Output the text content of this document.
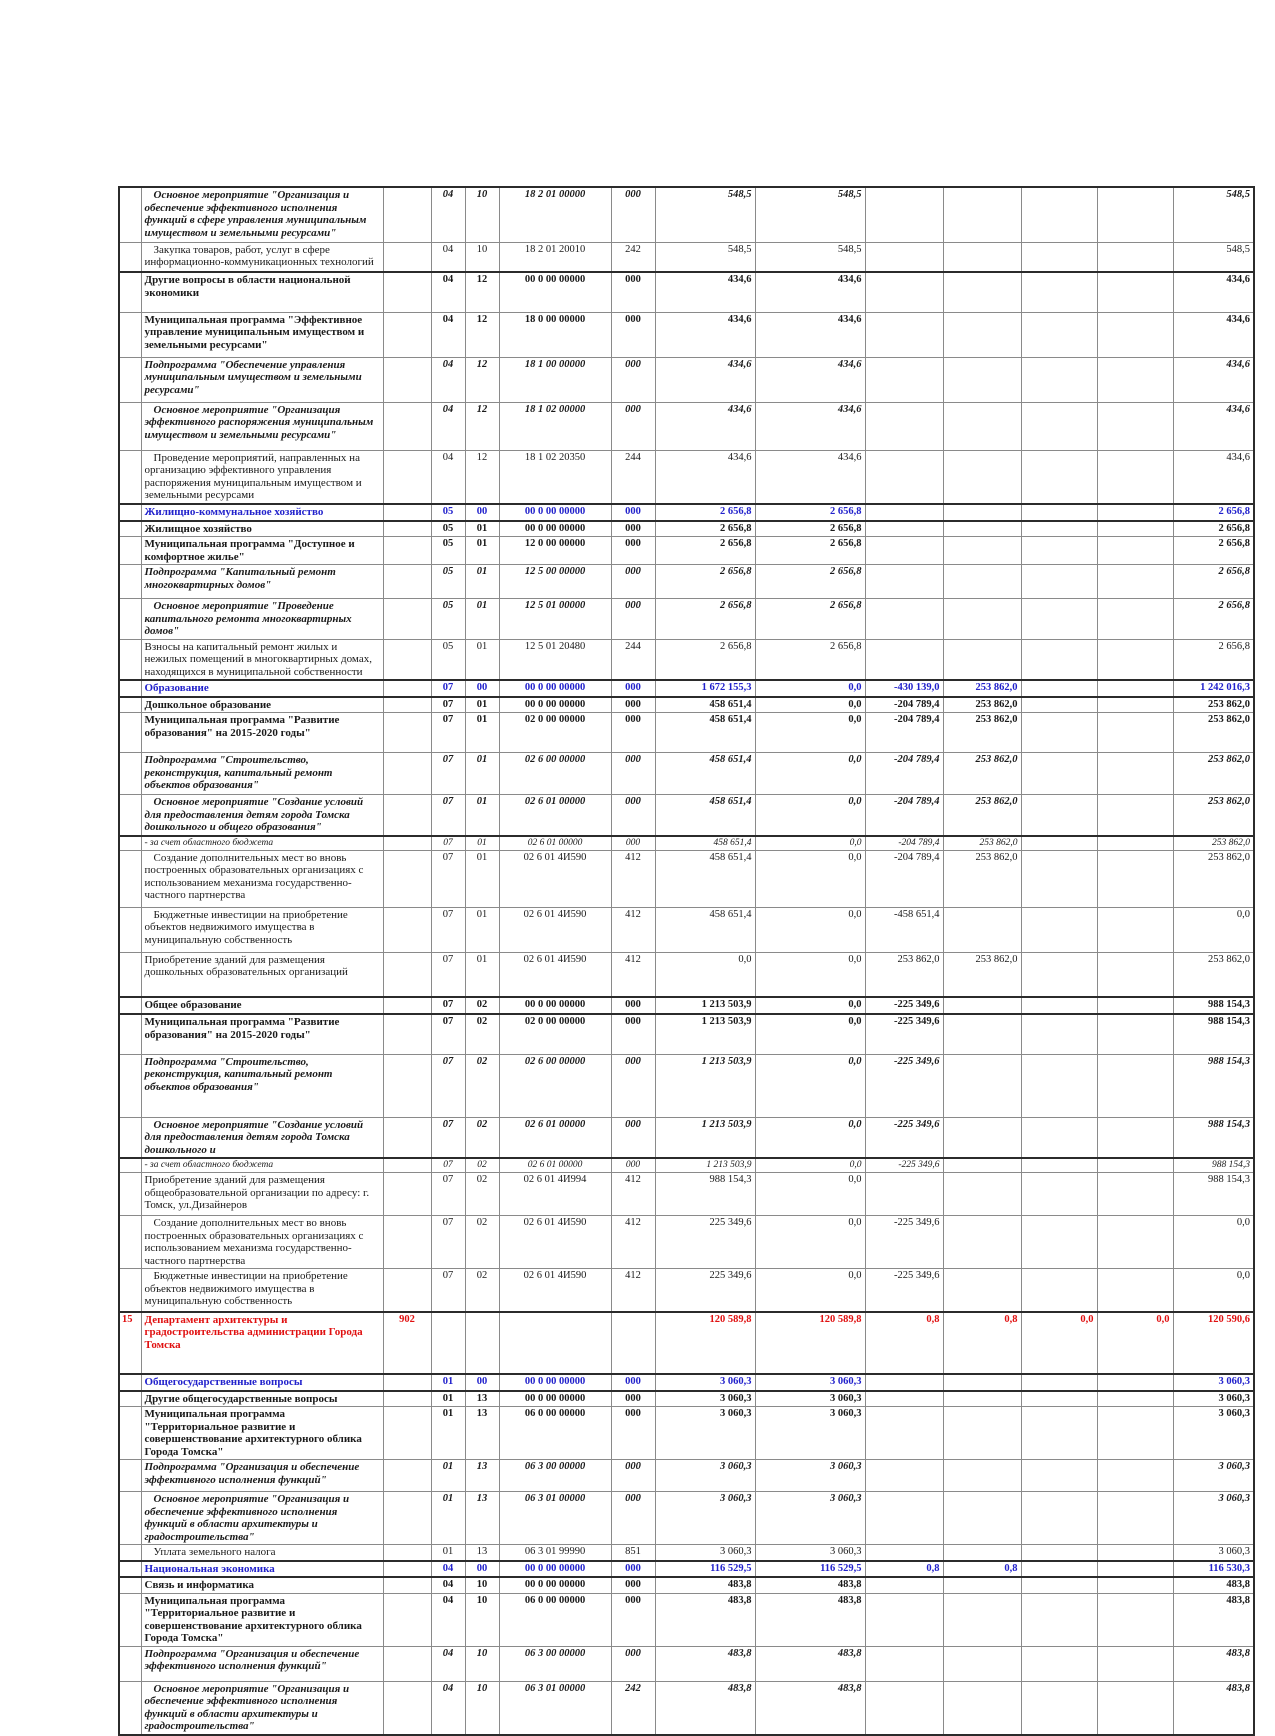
	Основное мероприятие "Организация и обеспечение эффективного исполнения функций в сфере управления муниципальным имуществом и земельными ресурсами"		04	10	18 2 01 00000	000	548,5	548,5					548,5
	Закупка товаров, работ, услуг в сфере информационно-коммуникационных технологий		04	10	18 2 01 20010	242	548,5	548,5					548,5
	Другие вопросы в области национальной экономики		04	12	00 0 00 00000	000	434,6	434,6					434,6
	Муниципальная программа "Эффективное управление муниципальным имуществом и земельными ресурсами"		04	12	18 0 00 00000	000	434,6	434,6					434,6
	Подпрограмма "Обеспечение управления муниципальным имуществом и земельными ресурсами"		04	12	18 1 00 00000	000	434,6	434,6					434,6
	Основное мероприятие "Организация эффективного распоряжения муниципальным имуществом и земельными ресурсами"		04	12	18 1 02 00000	000	434,6	434,6					434,6
	Проведение мероприятий, направленных на организацию эффективного управления распоряжения муниципальным имуществом и земельными ресурсами		04	12	18 1 02 20350	244	434,6	434,6					434,6
	Жилищно-коммунальное хозяйство		05	00	00 0 00 00000	000	2 656,8	2 656,8					2 656,8
	Жилищное хозяйство		05	01	00 0 00 00000	000	2 656,8	2 656,8					2 656,8
	Муниципальная программа "Доступное и комфортное жилье"		05	01	12 0 00 00000	000	2 656,8	2 656,8					2 656,8
	Подпрограмма "Капитальный ремонт многоквартирных домов"		05	01	12 5 00 00000	000	2 656,8	2 656,8					2 656,8
	Основное мероприятие "Проведение капитального ремонта многоквартирных домов"		05	01	12 5 01 00000	000	2 656,8	2 656,8					2 656,8
	Взносы на капитальный ремонт жилых и нежилых помещений в многоквартирных домах, находящихся в муниципальной собственности		05	01	12 5 01 20480	244	2 656,8	2 656,8					2 656,8
	Образование		07	00	00 0 00 00000	000	1 672 155,3	0,0	-430 139,0	253 862,0			1 242 016,3
	Дошкольное образование		07	01	00 0 00 00000	000	458 651,4	0,0	-204 789,4	253 862,0			253 862,0
	Муниципальная программа "Развитие образования" на 2015-2020 годы"		07	01	02 0 00 00000	000	458 651,4	0,0	-204 789,4	253 862,0			253 862,0
	Подпрограмма "Строительство, реконструкция, капитальный ремонт объектов образования"		07	01	02 6 00 00000	000	458 651,4	0,0	-204 789,4	253 862,0			253 862,0
	Основное мероприятие "Создание условий для предоставления детям города Томска дошкольного и общего образования"		07	01	02 6 01 00000	000	458 651,4	0,0	-204 789,4	253 862,0			253 862,0
	- за счет областного бюджета		07	01	02 6 01 00000	000	458 651,4	0,0	-204 789,4	253 862,0			253 862,0
	Создание дополнительных мест во вновь построенных образовательных организациях с использованием механизма государственно-частного партнерства		07	01	02 6 01 4И590	412	458 651,4	0,0	-204 789,4	253 862,0			253 862,0
	Бюджетные инвестиции на приобретение объектов недвижимого имущества в муниципальную собственность		07	01	02 6 01 4И590	412	458 651,4	0,0	-458 651,4				0,0
	Приобретение зданий для размещения дошкольных образовательных организаций		07	01	02 6 01 4И590	412	0,0	0,0	253 862,0	253 862,0			253 862,0
	Общее образование		07	02	00 0 00 00000	000	1 213 503,9	0,0	-225 349,6				988 154,3
	Муниципальная программа "Развитие образования" на 2015-2020 годы"		07	02	02 0 00 00000	000	1 213 503,9	0,0	-225 349,6				988 154,3
	Подпрограмма "Строительство, реконструкция, капитальный ремонт объектов образования"		07	02	02 6 00 00000	000	1 213 503,9	0,0	-225 349,6				988 154,3
	Основное мероприятие "Создание условий для предоставления детям города Томска дошкольного и		07	02	02 6 01 00000	000	1 213 503,9	0,0	-225 349,6				988 154,3
	- за счет областного бюджета		07	02	02 6 01 00000	000	1 213 503,9	0,0	-225 349,6				988 154,3
	Приобретение зданий для размещения общеобразовательной организации по адресу: г. Томск, ул.Дизайнеров		07	02	02 6 01 4И994	412	988 154,3	0,0					988 154,3
	Создание дополнительных мест во вновь построенных образовательных организациях с использованием механизма государственно-частного партнерства		07	02	02 6 01 4И590	412	225 349,6	0,0	-225 349,6				0,0
	Бюджетные инвестиции на приобретение объектов недвижимого имущества в муниципальную собственность		07	02	02 6 01 4И590	412	225 349,6	0,0	-225 349,6				0,0
15	Департамент архитектуры и градостроительства администрации Города Томска	902					120 589,8	120 589,8	0,8	0,8	0,0	0,0	120 590,6
	Общегосударственные вопросы		01	00	00 0 00 00000	000	3 060,3	3 060,3					3 060,3
	Другие общегосударственные вопросы		01	13	00 0 00 00000	000	3 060,3	3 060,3					3 060,3
	Муниципальная программа "Территориальное развитие и совершенствование архитектурного облика Города Томска"		01	13	06 0 00 00000	000	3 060,3	3 060,3					3 060,3
	Подпрограмма "Организация и обеспечение эффективного исполнения функций"		01	13	06 3 00 00000	000	3 060,3	3 060,3					3 060,3
	Основное мероприятие "Организация и обеспечение эффективного исполнения функций в области архитектуры и градостроительства"		01	13	06 3 01 00000	000	3 060,3	3 060,3					3 060,3
	Уплата земельного налога		01	13	06 3 01 99990	851	3 060,3	3 060,3					3 060,3
	Национальная экономика		04	00	00 0 00 00000	000	116 529,5	116 529,5	0,8	0,8			116 530,3
	Связь и информатика		04	10	00 0 00 00000	000	483,8	483,8					483,8
	Муниципальная программа "Территориальное развитие и совершенствование архитектурного облика Города Томска"		04	10	06 0 00 00000	000	483,8	483,8					483,8
	Подпрограмма "Организация и обеспечение эффективного исполнения функций"		04	10	06 3 00 00000	000	483,8	483,8					483,8
	Основное мероприятие "Организация и обеспечение эффективного исполнения функций в области архитектуры и градостроительства"		04	10	06 3 01 00000	242	483,8	483,8					483,8
